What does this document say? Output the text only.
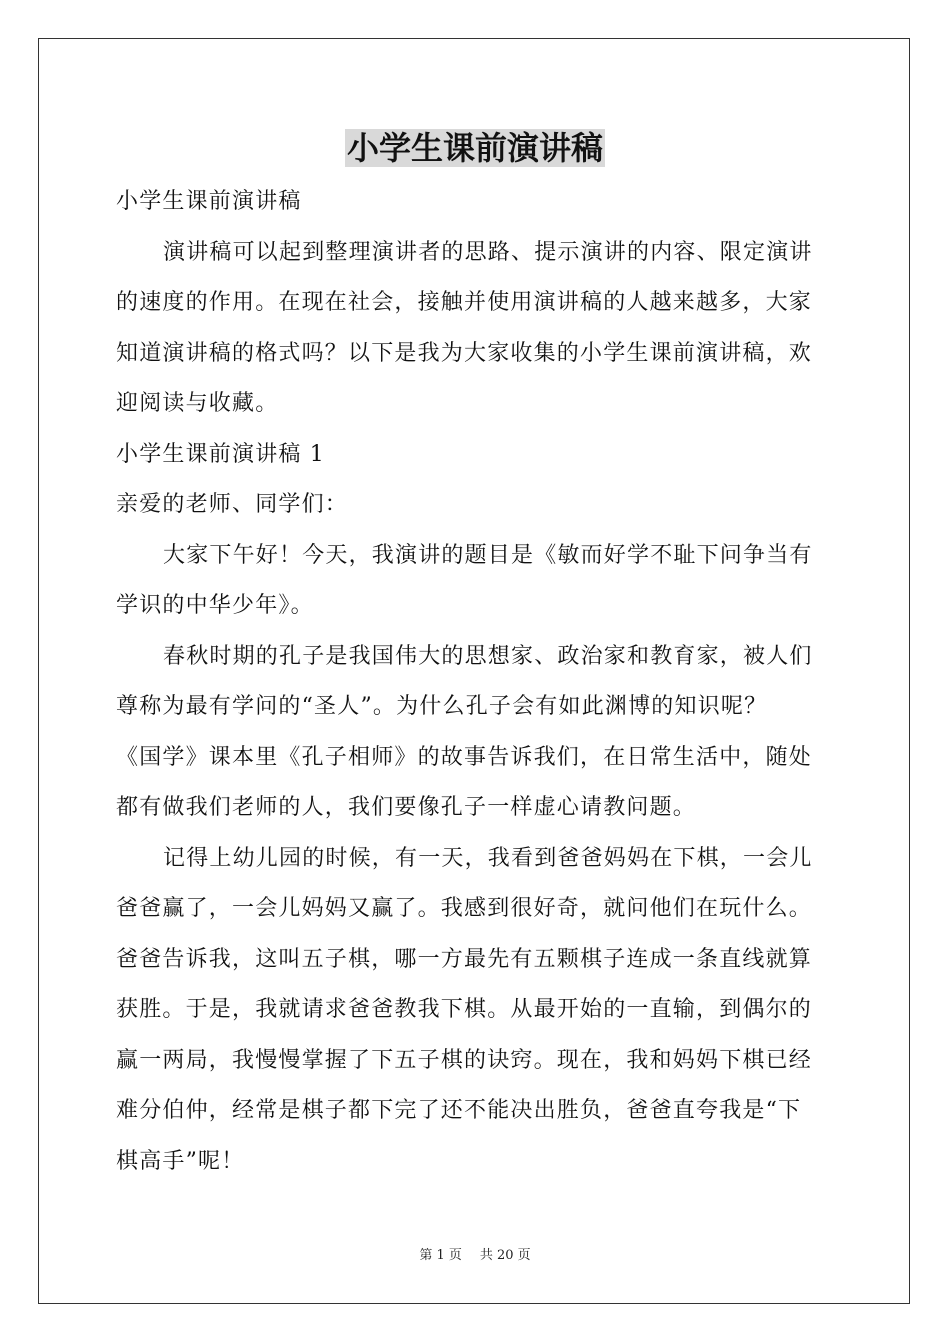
小学生课前演讲稿
小学生课前演讲稿
演讲稿可以起到整理演讲者的思路、提示演讲的内容、限定演讲
的速度的作用。在现在社会，接触并使用演讲稿的人越来越多，大家
知道演讲稿的格式吗？以下是我为大家收集的小学生课前演讲稿，欢
迎阅读与收藏。
小学生课前演讲稿 1
亲爱的老师、同学们：
大家下午好！今天，我演讲的题目是《敏而好学不耻下问争当有
学识的中华少年》。
春秋时期的孔子是我国伟大的思想家、政治家和教育家，被人们
尊称为最有学问的“圣人”。为什么孔子会有如此渊博的知识呢？
《国学》课本里《孔子相师》的故事告诉我们，在日常生活中，随处
都有做我们老师的人，我们要像孔子一样虚心请教问题。
记得上幼儿园的时候，有一天，我看到爸爸妈妈在下棋，一会儿
爸爸赢了，一会儿妈妈又赢了。我感到很好奇，就问他们在玩什么。
爸爸告诉我，这叫五子棋，哪一方最先有五颗棋子连成一条直线就算
获胜。于是，我就请求爸爸教我下棋。从最开始的一直输，到偶尔的
赢一两局，我慢慢掌握了下五子棋的诀窍。现在，我和妈妈下棋已经
难分伯仲，经常是棋子都下完了还不能决出胜负，爸爸直夸我是“下
棋高手”呢！
第 1 页 共 20 页
